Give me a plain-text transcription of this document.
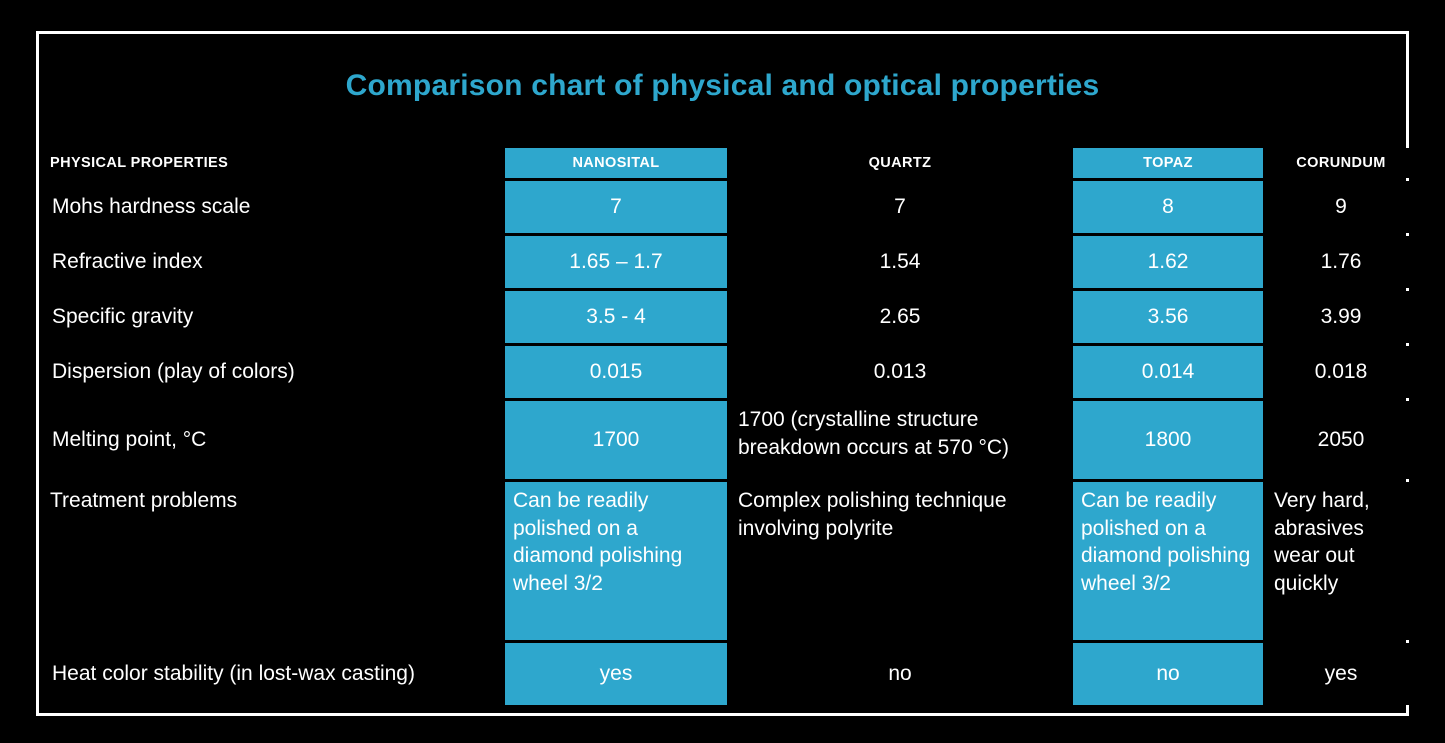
Comparison chart of physical and optical properties
PHYSICAL PROPERTIES	NANOSITAL	QUARTZ	TOPAZ	CORUNDUM

Mohs hardness scale	7	7	8	9
Refractive index	1.65 – 1.7	1.54	1.62	1.76
Specific gravity	3.5 - 4	2.65	3.56	3.99
Dispersion (play of colors)	0.015	0.013	0.014	0.018
Melting point, °C	1700	1700 (crystalline structure breakdown occurs at 570 °C)	1800	2050
Treatment problems	Can be readily polished on a diamond polishing wheel 3/2	Complex polishing technique involving polyrite	Can be readily polished on a diamond polishing wheel 3/2	Very hard, abrasives wear out quickly
Heat color stability (in lost-wax casting)	yes	no	no	yes
